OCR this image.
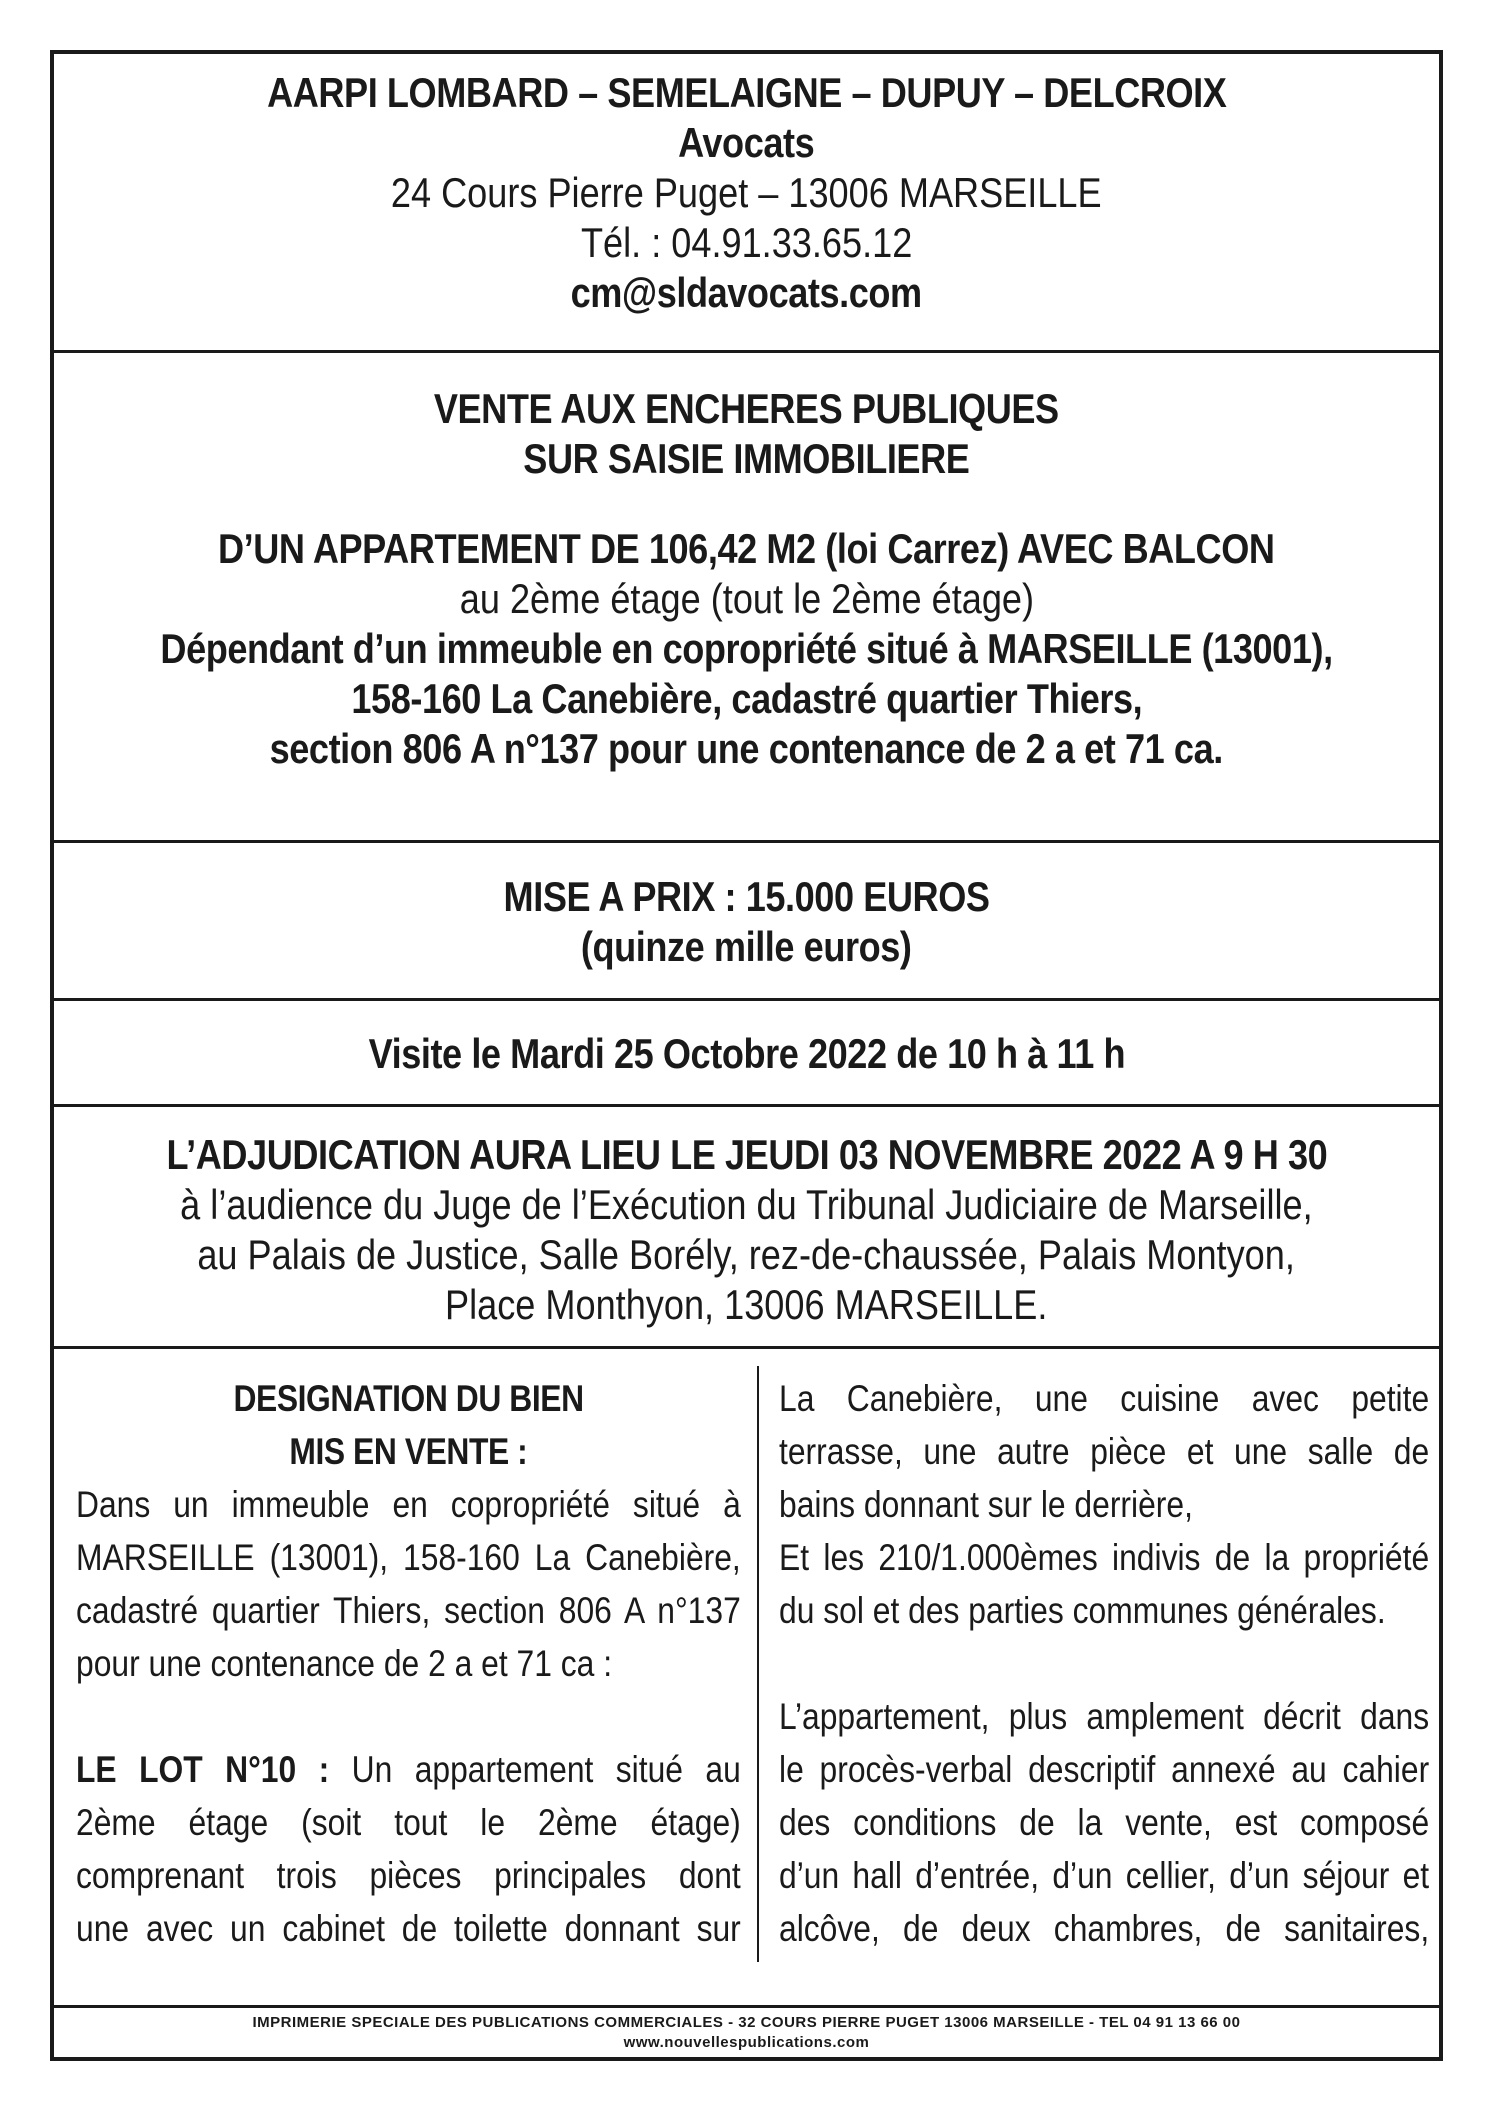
AARPI LOMBARD – SEMELAIGNE – DUPUY – DELCROIX
Avocats
24 Cours Pierre Puget – 13006 MARSEILLE
Tél. : 04.91.33.65.12
cm@sldavocats.com
VENTE AUX ENCHERES PUBLIQUES
SUR SAISIE IMMOBILIERE
D’UN APPARTEMENT DE 106,42 M2 (loi Carrez) AVEC BALCON
au 2ème étage (tout le 2ème étage)
Dépendant d’un immeuble en copropriété situé à MARSEILLE (13001),
158-160 La Canebière, cadastré quartier Thiers,
section 806 A n°137 pour une contenance de 2 a et 71 ca.
MISE A PRIX : 15.000 EUROS
(quinze mille euros)
Visite le Mardi 25 Octobre 2022 de 10 h à 11 h
L’ADJUDICATION AURA LIEU LE JEUDI 03 NOVEMBRE 2022 A 9 H 30
à l’audience du Juge de l’Exécution du Tribunal Judiciaire de Marseille,
au Palais de Justice, Salle Borély, rez-de-chaussée, Palais Montyon,
Place Monthyon, 13006 MARSEILLE.
DESIGNATION DU BIEN
MIS EN VENTE :
Dans un immeuble en copropriété situé à
MARSEILLE (13001), 158-160 La Canebière,
cadastré quartier Thiers, section 806 A n°137
pour une contenance de 2 a et 71 ca :
LE LOT N°10 : Un appartement situé au
2ème étage (soit tout le 2ème étage)
comprenant trois pièces principales dont
une avec un cabinet de toilette donnant sur
La Canebière, une cuisine avec petite
terrasse, une autre pièce et une salle de
bains donnant sur le derrière,
Et les 210/1.000èmes indivis de la propriété
du sol et des parties communes générales.
L’appartement, plus amplement décrit dans
le procès-verbal descriptif annexé au cahier
des conditions de la vente, est composé
d’un hall d’entrée, d’un cellier, d’un séjour et
alcôve, de deux chambres, de sanitaires,
IMPRIMERIE SPECIALE DES PUBLICATIONS COMMERCIALES - 32 COURS PIERRE PUGET 13006 MARSEILLE - TEL 04 91 13 66 00
www.nouvellespublications.com
